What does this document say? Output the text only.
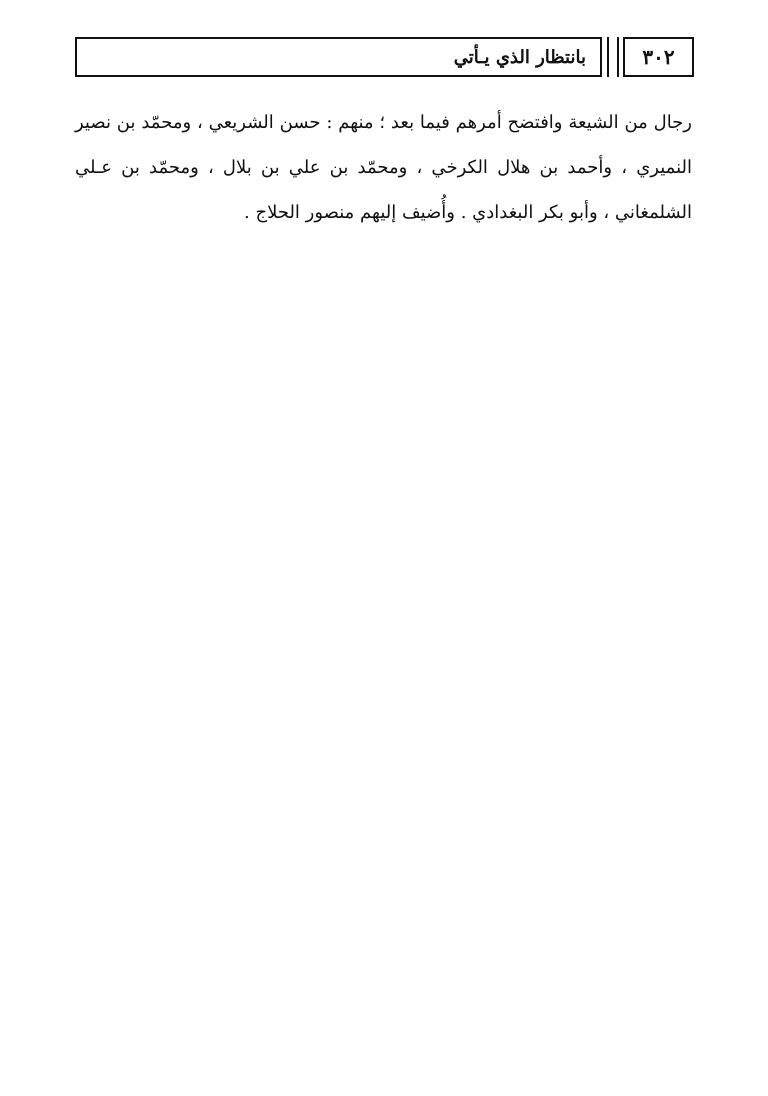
بانتظار الذي يـأتي	٣٠٢
رجال من الشيعة وافتضح أمرهم فيما بعد ؛ منهم : حسن الشريعي ، ومحمّد بن نصير
النميري ، وأحمد بن هلال الكرخي ، ومحمّد بن علي بن بلال ، ومحمّد بن عـلي
الشلمغاني ، وأبو بكر البغدادي . وأُضيف إليهم منصور الحلاج .
